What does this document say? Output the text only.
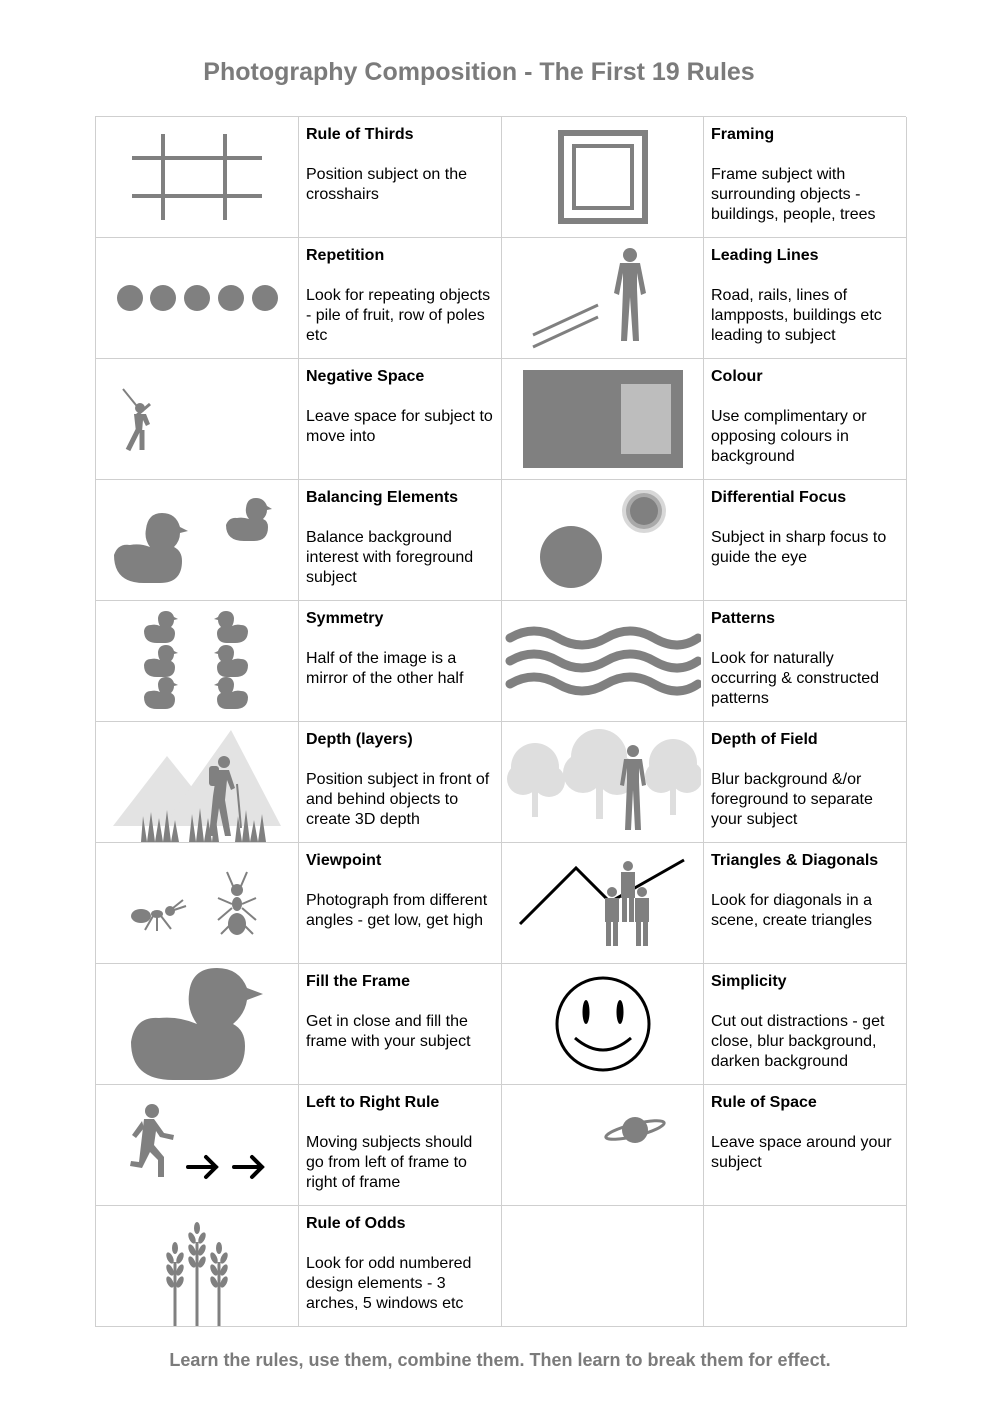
Photography Composition - The First 19 Rules
Rule of Thirds
Position subject on the crosshairs
Framing
Frame subject with surrounding objects - buildings, people, trees
Repetition
Look for repeating objects - pile of fruit, row of poles etc
Leading Lines
Road, rails, lines of lampposts, buildings etc leading to subject
Negative Space
Leave space for subject to move into
Colour
Use complimentary or opposing colours in background
Balancing Elements
Balance background interest with foreground subject
Differential Focus
Subject in sharp focus to guide the eye
Symmetry
Half of the image is a mirror of the other half
Patterns
Look for naturally occurring & constructed patterns
Depth (layers)
Position subject in front of and behind objects to create 3D depth
Depth of Field
Blur background &/or foreground to separate your subject
Viewpoint
Photograph from different angles - get low, get high
Triangles & Diagonals
Look for diagonals in a scene, create triangles
Fill the Frame
Get in close and fill the frame with your subject
Simplicity
Cut out distractions - get close, blur background, darken background
Left to Right Rule
Moving subjects should go from left of frame to right of frame
Rule of Space
Leave space around your subject
Rule of Odds
Look for odd numbered design elements - 3 arches, 5 windows etc
Learn the rules, use them, combine them. Then learn to break them for effect.
